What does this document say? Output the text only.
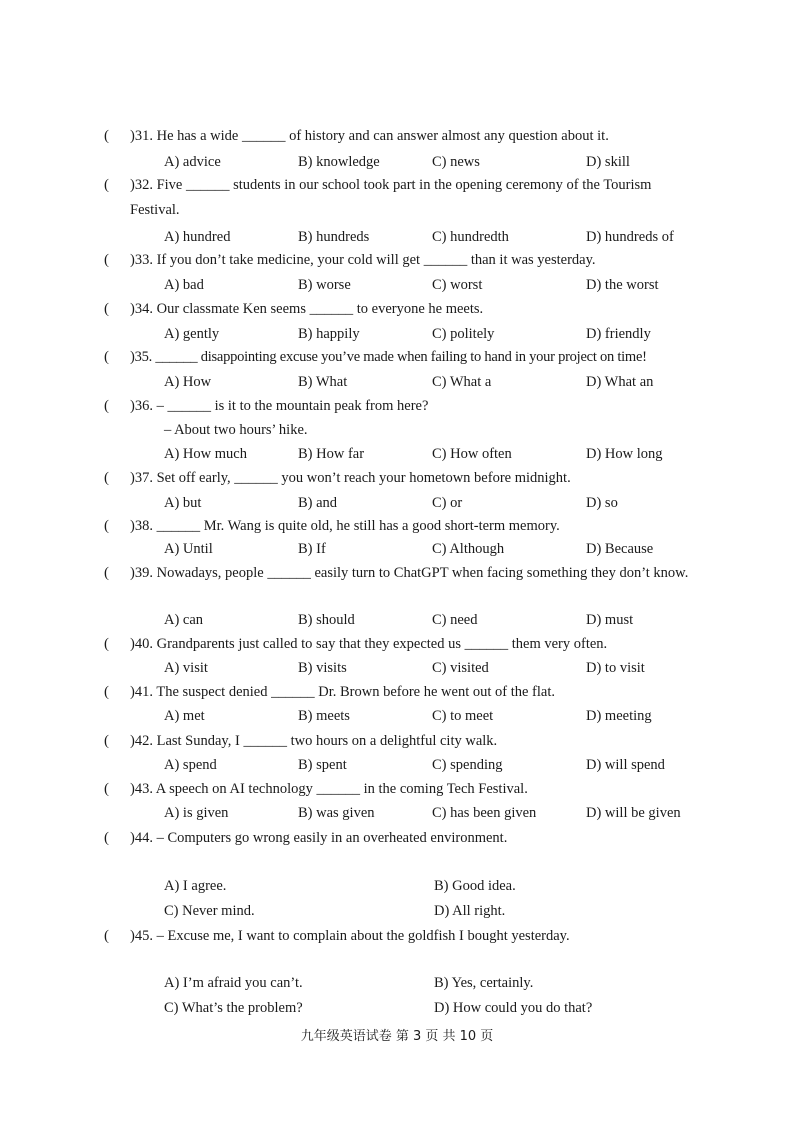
( )31. He has a wide ______ of history and can answer almost any question about it.
A) advice	B) knowledge	C) news	D) skill
( )32. Five ______ students in our school took part in the opening ceremony of the Tourism Festival.
A) hundred	B) hundreds	C) hundredth	D) hundreds of
( )33. If you don’t take medicine, your cold will get ______ than it was yesterday.
A) bad	B) worse	C) worst	D) the worst
( )34. Our classmate Ken seems ______ to everyone he meets.
A) gently	B) happily	C) politely	D) friendly
( )35. ______ disappointing excuse you’ve made when failing to hand in your project on time!
A) How	B) What	C) What a	D) What an
( )36. – ______ is it to the mountain peak from here?
– About two hours’ hike.
A) How much	B) How far	C) How often	D) How long
( )37. Set off early, ______ you won’t reach your hometown before midnight.
A) but	B) and	C) or	D) so
( )38. ______ Mr. Wang is quite old, he still has a good short-term memory.
A) Until	B) If	C) Although	D) Because
( )39. Nowadays, people ______ easily turn to ChatGPT when facing something they don’t know.
A) can	B) should	C) need	D) must
( )40. Grandparents just called to say that they expected us ______ them very often.
A) visit	B) visits	C) visited	D) to visit
( )41. The suspect denied ______ Dr. Brown before he went out of the flat.
A) met	B) meets	C) to meet	D) meeting
( )42. Last Sunday, I ______ two hours on a delightful city walk.
A) spend	B) spent	C) spending	D) will spend
( )43. A speech on AI technology ______ in the coming Tech Festival.
A) is given	B) was given	C) has been given	D) will be given
( )44. – Computers go wrong easily in an overheated environment.
A) I agree.	B) Good idea.
C) Never mind.	D) All right.
( )45. – Excuse me, I want to complain about the goldfish I bought yesterday.
A) I’m afraid you can’t.	B) Yes, certainly.
C) What’s the problem?	D) How could you do that?
九年级英语试卷 第 3 页 共 10 页
